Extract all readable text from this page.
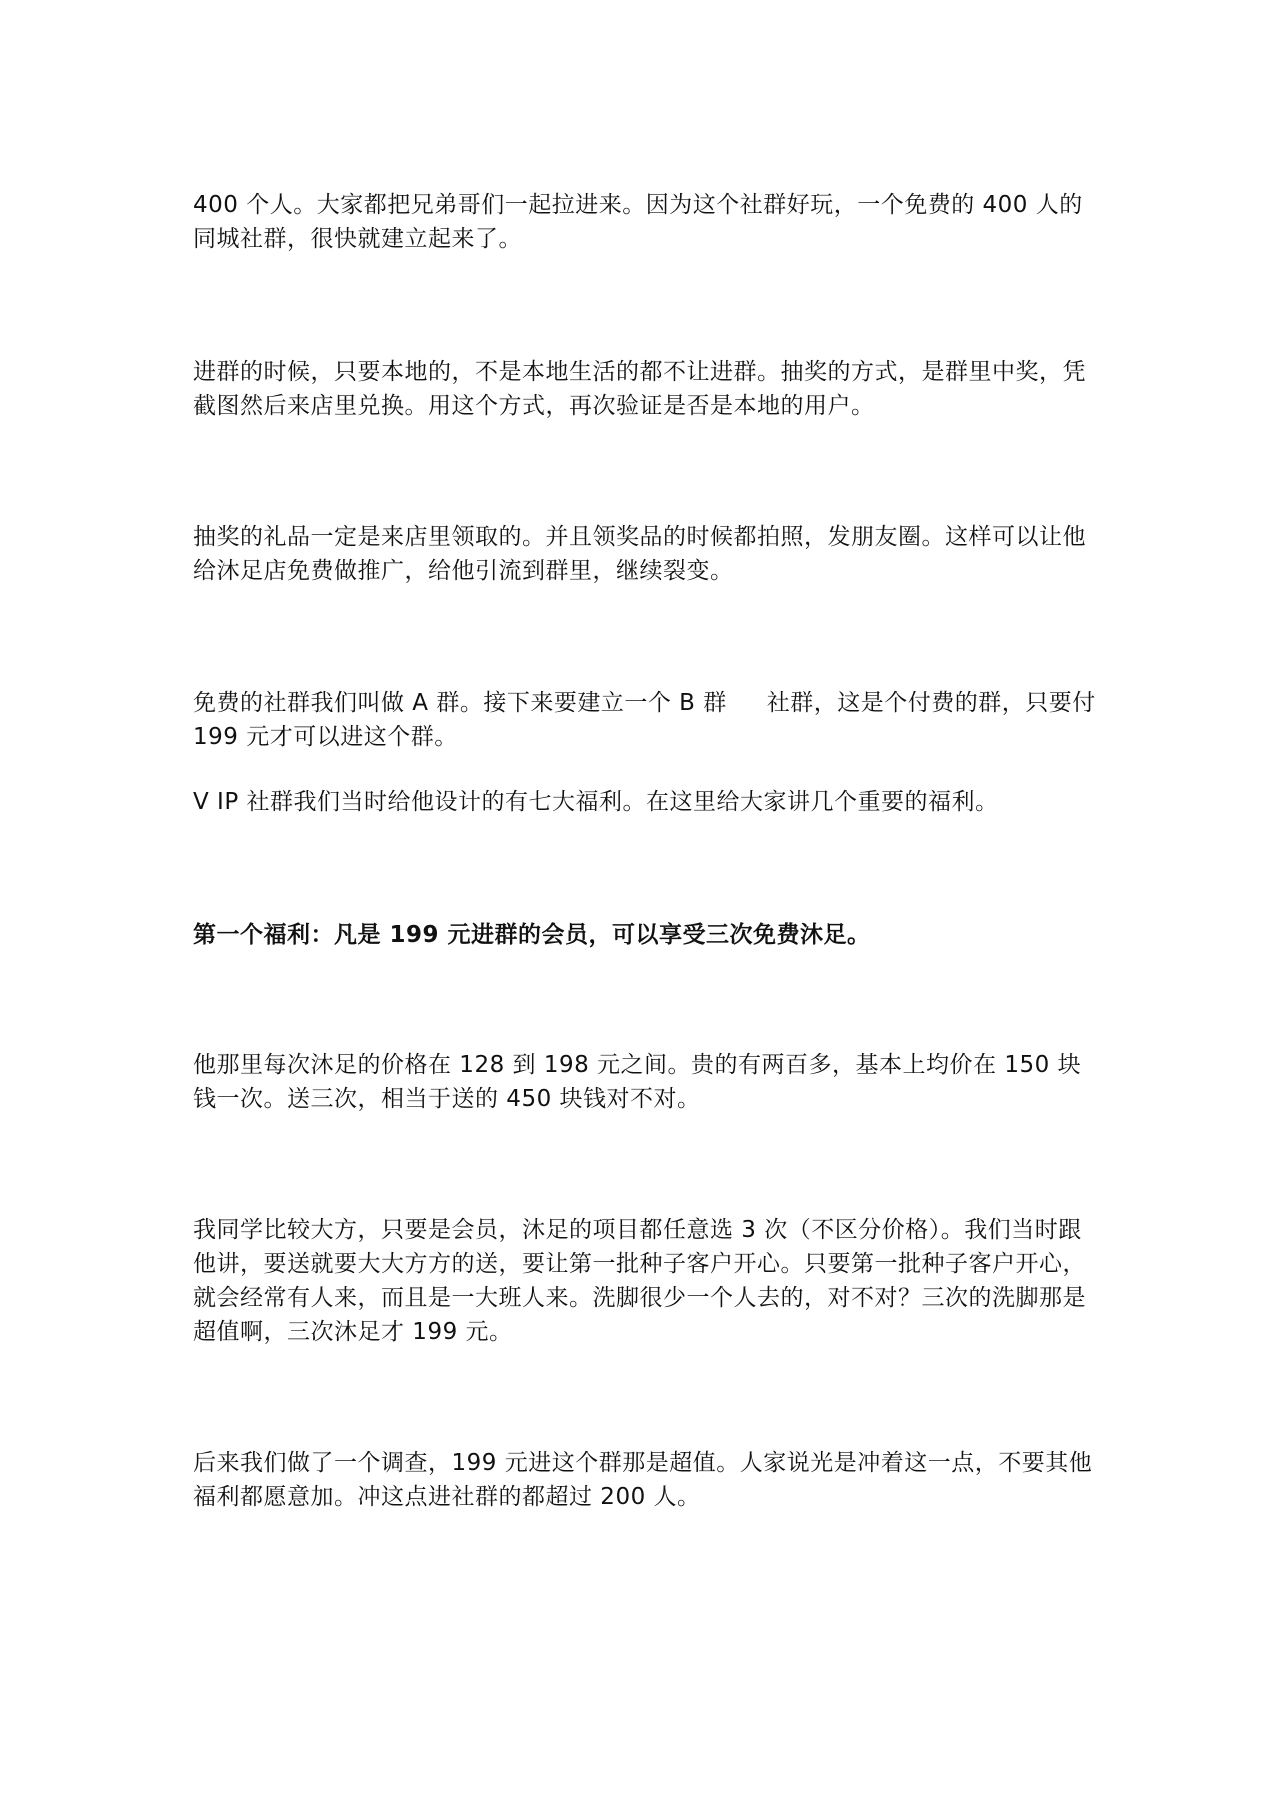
400 个人。大家都把兄弟哥们一起拉进来。因为这个社群好玩，一个免费的 400 人的同城社群，很快就建立起来了。

进群的时候，只要本地的，不是本地生活的都不让进群。抽奖的方式，是群里中奖，凭截图然后来店里兑换。用这个方式，再次验证是否是本地的用户。

抽奖的礼品一定是来店里领取的。并且领奖品的时候都拍照，发朋友圈。这样可以让他给沐足店免费做推广，给他引流到群里，继续裂变。

免费的社群我们叫做 A 群。接下来要建立一个 B 群 社群，这是个付费的群，只要付 199 元才可以进这个群。

V IP 社群我们当时给他设计的有七大福利。在这里给大家讲几个重要的福利。

第一个福利：凡是 199 元进群的会员，可以享受三次免费沐足。

他那里每次沐足的价格在 128 到 198 元之间。贵的有两百多，基本上均价在 150 块钱一次。送三次，相当于送的 450 块钱对不对。

我同学比较大方，只要是会员，沐足的项目都任意选 3 次（不区分价格）。我们当时跟他讲，要送就要大大方方的送，要让第一批种子客户开心。只要第一批种子客户开心，就会经常有人来，而且是一大班人来。洗脚很少一个人去的，对不对？三次的洗脚那是超值啊，三次沐足才 199 元。

后来我们做了一个调查，199 元进这个群那是超值。人家说光是冲着这一点，不要其他福利都愿意加。冲这点进社群的都超过 200 人。
